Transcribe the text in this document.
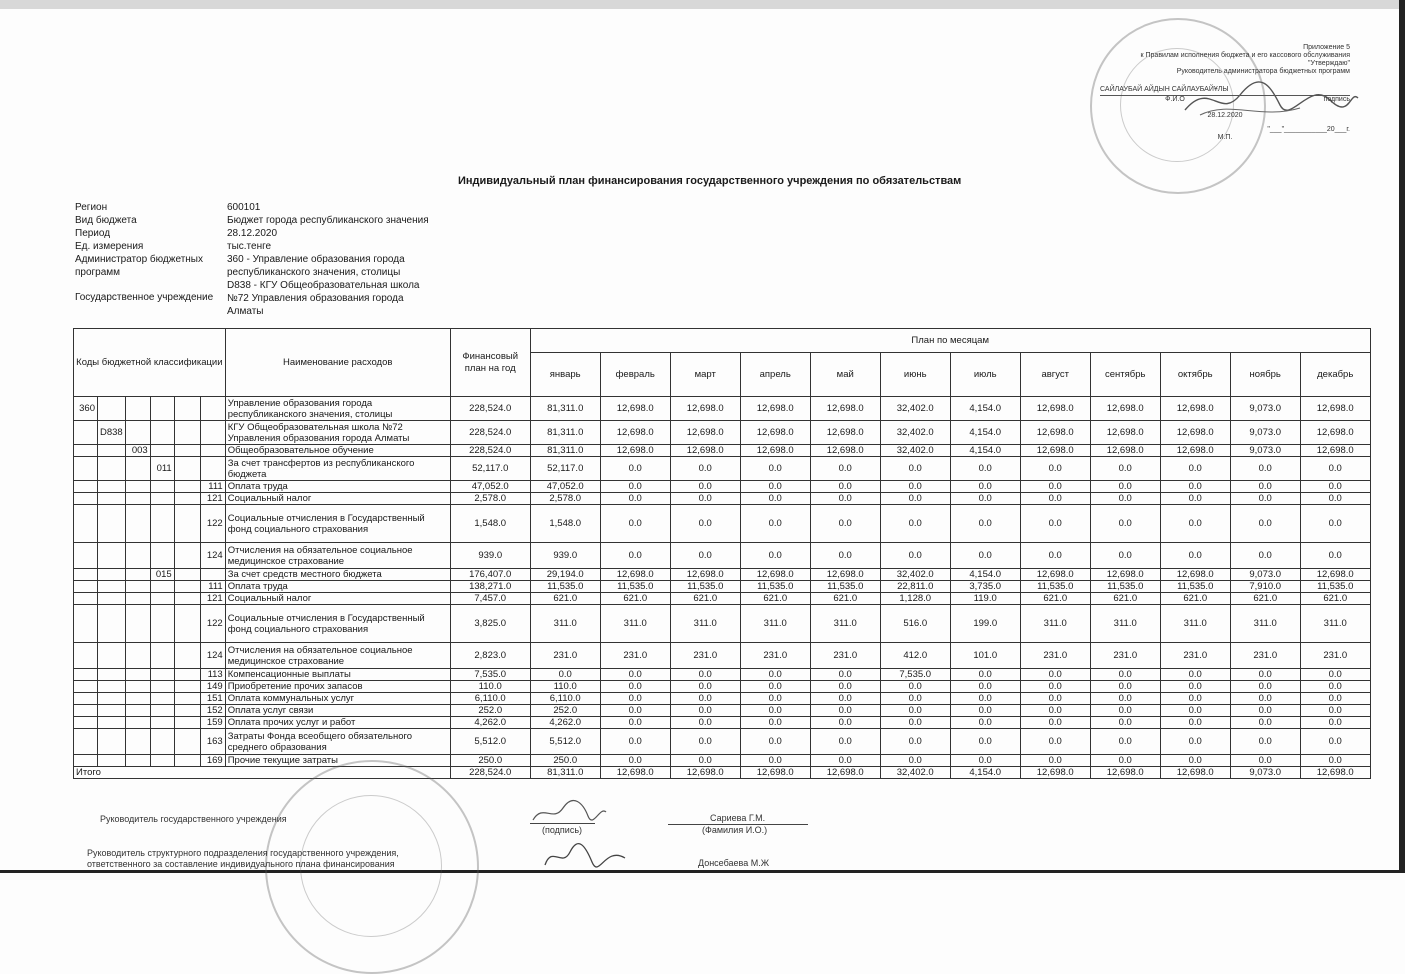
Приложение 5
к Правилам исполнения бюджета и его кассового обслуживания
"Утверждаю"
Руководитель администратора бюджетных программ
САЙЛАУБАЙ АЙДЫН САЙЛАУБАЙҰЛЫ
Ф.И.О	подпись
28.12.2020
"___"___________20___г.
М.П.
Индивидуальный план финансирования государственного учреждения по обязательствам
Регион	600101
Вид бюджета	Бюджет города республиканского значения
Период	28.12.2020
Ед. измерения	тыс.тенге
Администратор бюджетных программ
360 - Управление образования города республиканского значения, столицы
Государственное учреждение
D838 - КГУ Общеобразовательная школа №72 Управления образования города Алматы
Коды бюджетной классификации						Наименование расходов	Финансовый план на год	План по месяцам											
								январь	февраль	март	апрель	май	июнь	июль	август	сентябрь	октябрь	ноябрь	декабрь
360						Управление образования города республиканского значения, столицы	228,524.0	81,311.0	12,698.0	12,698.0	12,698.0	12,698.0	32,402.0	4,154.0	12,698.0	12,698.0	12,698.0	9,073.0	12,698.0
	D838					КГУ Общеобразовательная школа №72 Управления образования города Алматы	228,524.0	81,311.0	12,698.0	12,698.0	12,698.0	12,698.0	32,402.0	4,154.0	12,698.0	12,698.0	12,698.0	9,073.0	12,698.0
		003				Общеобразовательное обучение	228,524.0	81,311.0	12,698.0	12,698.0	12,698.0	12,698.0	32,402.0	4,154.0	12,698.0	12,698.0	12,698.0	9,073.0	12,698.0
			011			За счет трансфертов из республиканского бюджета	52,117.0	52,117.0	0.0	0.0	0.0	0.0	0.0	0.0	0.0	0.0	0.0	0.0	0.0
					111	Оплата труда	47,052.0	47,052.0	0.0	0.0	0.0	0.0	0.0	0.0	0.0	0.0	0.0	0.0	0.0
					121	Социальный налог	2,578.0	2,578.0	0.0	0.0	0.0	0.0	0.0	0.0	0.0	0.0	0.0	0.0	0.0
					122	Социальные отчисления в Государственный фонд социального страхования	1,548.0	1,548.0	0.0	0.0	0.0	0.0	0.0	0.0	0.0	0.0	0.0	0.0	0.0
					124	Отчисления на обязательное социальное медицинское страхование	939.0	939.0	0.0	0.0	0.0	0.0	0.0	0.0	0.0	0.0	0.0	0.0	0.0
			015			За счет средств местного бюджета	176,407.0	29,194.0	12,698.0	12,698.0	12,698.0	12,698.0	32,402.0	4,154.0	12,698.0	12,698.0	12,698.0	9,073.0	12,698.0
					111	Оплата труда	138,271.0	11,535.0	11,535.0	11,535.0	11,535.0	11,535.0	22,811.0	3,735.0	11,535.0	11,535.0	11,535.0	7,910.0	11,535.0
					121	Социальный налог	7,457.0	621.0	621.0	621.0	621.0	621.0	1,128.0	119.0	621.0	621.0	621.0	621.0	621.0
					122	Социальные отчисления в Государственный фонд социального страхования	3,825.0	311.0	311.0	311.0	311.0	311.0	516.0	199.0	311.0	311.0	311.0	311.0	311.0
					124	Отчисления на обязательное социальное медицинское страхование	2,823.0	231.0	231.0	231.0	231.0	231.0	412.0	101.0	231.0	231.0	231.0	231.0	231.0
					113	Компенсационные выплаты	7,535.0	0.0	0.0	0.0	0.0	0.0	7,535.0	0.0	0.0	0.0	0.0	0.0	0.0
					149	Приобретение прочих запасов	110.0	110.0	0.0	0.0	0.0	0.0	0.0	0.0	0.0	0.0	0.0	0.0	0.0
					151	Оплата коммунальных услуг	6,110.0	6,110.0	0.0	0.0	0.0	0.0	0.0	0.0	0.0	0.0	0.0	0.0	0.0
					152	Оплата услуг связи	252.0	252.0	0.0	0.0	0.0	0.0	0.0	0.0	0.0	0.0	0.0	0.0	0.0
					159	Оплата прочих услуг и работ	4,262.0	4,262.0	0.0	0.0	0.0	0.0	0.0	0.0	0.0	0.0	0.0	0.0	0.0
					163	Затраты Фонда всеобщего обязательного среднего образования	5,512.0	5,512.0	0.0	0.0	0.0	0.0	0.0	0.0	0.0	0.0	0.0	0.0	0.0
					169	Прочие текущие затраты	250.0	250.0	0.0	0.0	0.0	0.0	0.0	0.0	0.0	0.0	0.0	0.0	0.0
Итого							228,524.0	81,311.0	12,698.0	12,698.0	12,698.0	12,698.0	32,402.0	4,154.0	12,698.0	12,698.0	12,698.0	9,073.0	12,698.0
Руководитель государственного учреждения
(подпись)
Сариева Г.М.
(Фамилия И.О.)
Руководитель структурного подразделения государственного учреждения,
ответственного за составление индивидуального плана финансирования	Донсебаева М.Ж
